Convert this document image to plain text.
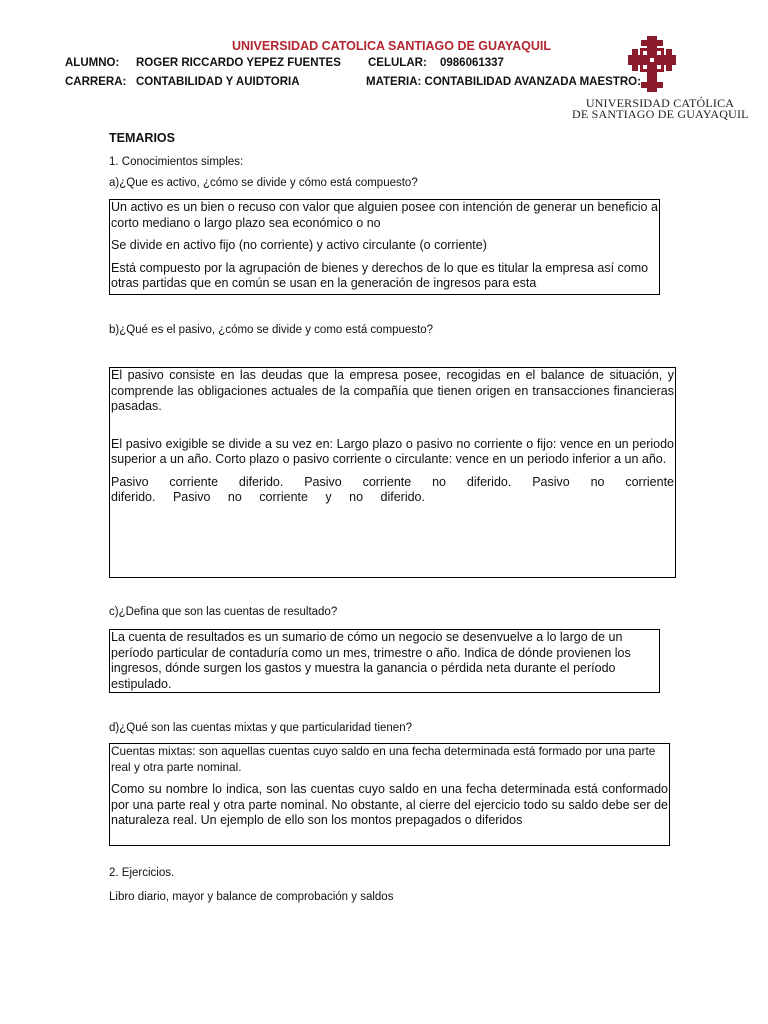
UNIVERSIDAD CATOLICA SANTIAGO DE GUAYAQUIL
ALUMNO: ROGER RICCARDO YEPEZ FUENTES CELULAR: 0986061337
CARRERA: CONTABILIDAD Y AUIDTORIA	MATERIA: CONTABILIDAD AVANZADA MAESTRO:
UNIVERSIDAD CATÓLICA
DE SANTIAGO DE GUAYAQUIL
TEMARIOS
1. Conocimientos simples:
a)¿Que es activo, ¿cómo se divide y cómo está compuesto?

Un activo es un bien o recuso con valor que alguien posee con intención de generar un beneficio a corto mediano o largo plazo sea económico o no

Se divide en activo fijo (no corriente) y activo circulante (o corriente)

Está compuesto por la agrupación de bienes y derechos de lo que es titular la empresa así como otras partidas que en común se usan en la generación de ingresos para esta

b)¿Qué es el pasivo, ¿cómo se divide y como está compuesto?

El pasivo consiste en las deudas que la empresa posee, recogidas en el balance de situación, y comprende las obligaciones actuales de la compañía que tienen origen en transacciones financieras pasadas.

El pasivo exigible se divide a su vez en: Largo plazo o pasivo no corriente o fijo: vence en un periodo superior a un año. Corto plazo o pasivo corriente o circulante: vence en un periodo inferior a un año.

Pasivo corriente diferido. Pasivo corriente no diferido. Pasivo no corriente diferido. Pasivo no corriente y no diferido.

c)¿Defina que son las cuentas de resultado?

La cuenta de resultados es un sumario de cómo un negocio se desenvuelve a lo largo de un período particular de contaduría como un mes, trimestre o año. Indica de dónde provienen los ingresos, dónde surgen los gastos y muestra la ganancia o pérdida neta durante el período estipulado.

d)¿Qué son las cuentas mixtas y que particularidad tienen?

Cuentas mixtas: son aquellas cuentas cuyo saldo en una fecha determinada está formado por una parte real y otra parte nominal.

Como su nombre lo indica, son las cuentas cuyo saldo en una fecha determinada está conformado por una parte real y otra parte nominal. No obstante, al cierre del ejercicio todo su saldo debe ser de naturaleza real. Un ejemplo de ello son los montos prepagados o diferidos

2. Ejercicios.
Libro diario, mayor y balance de comprobación y saldos
